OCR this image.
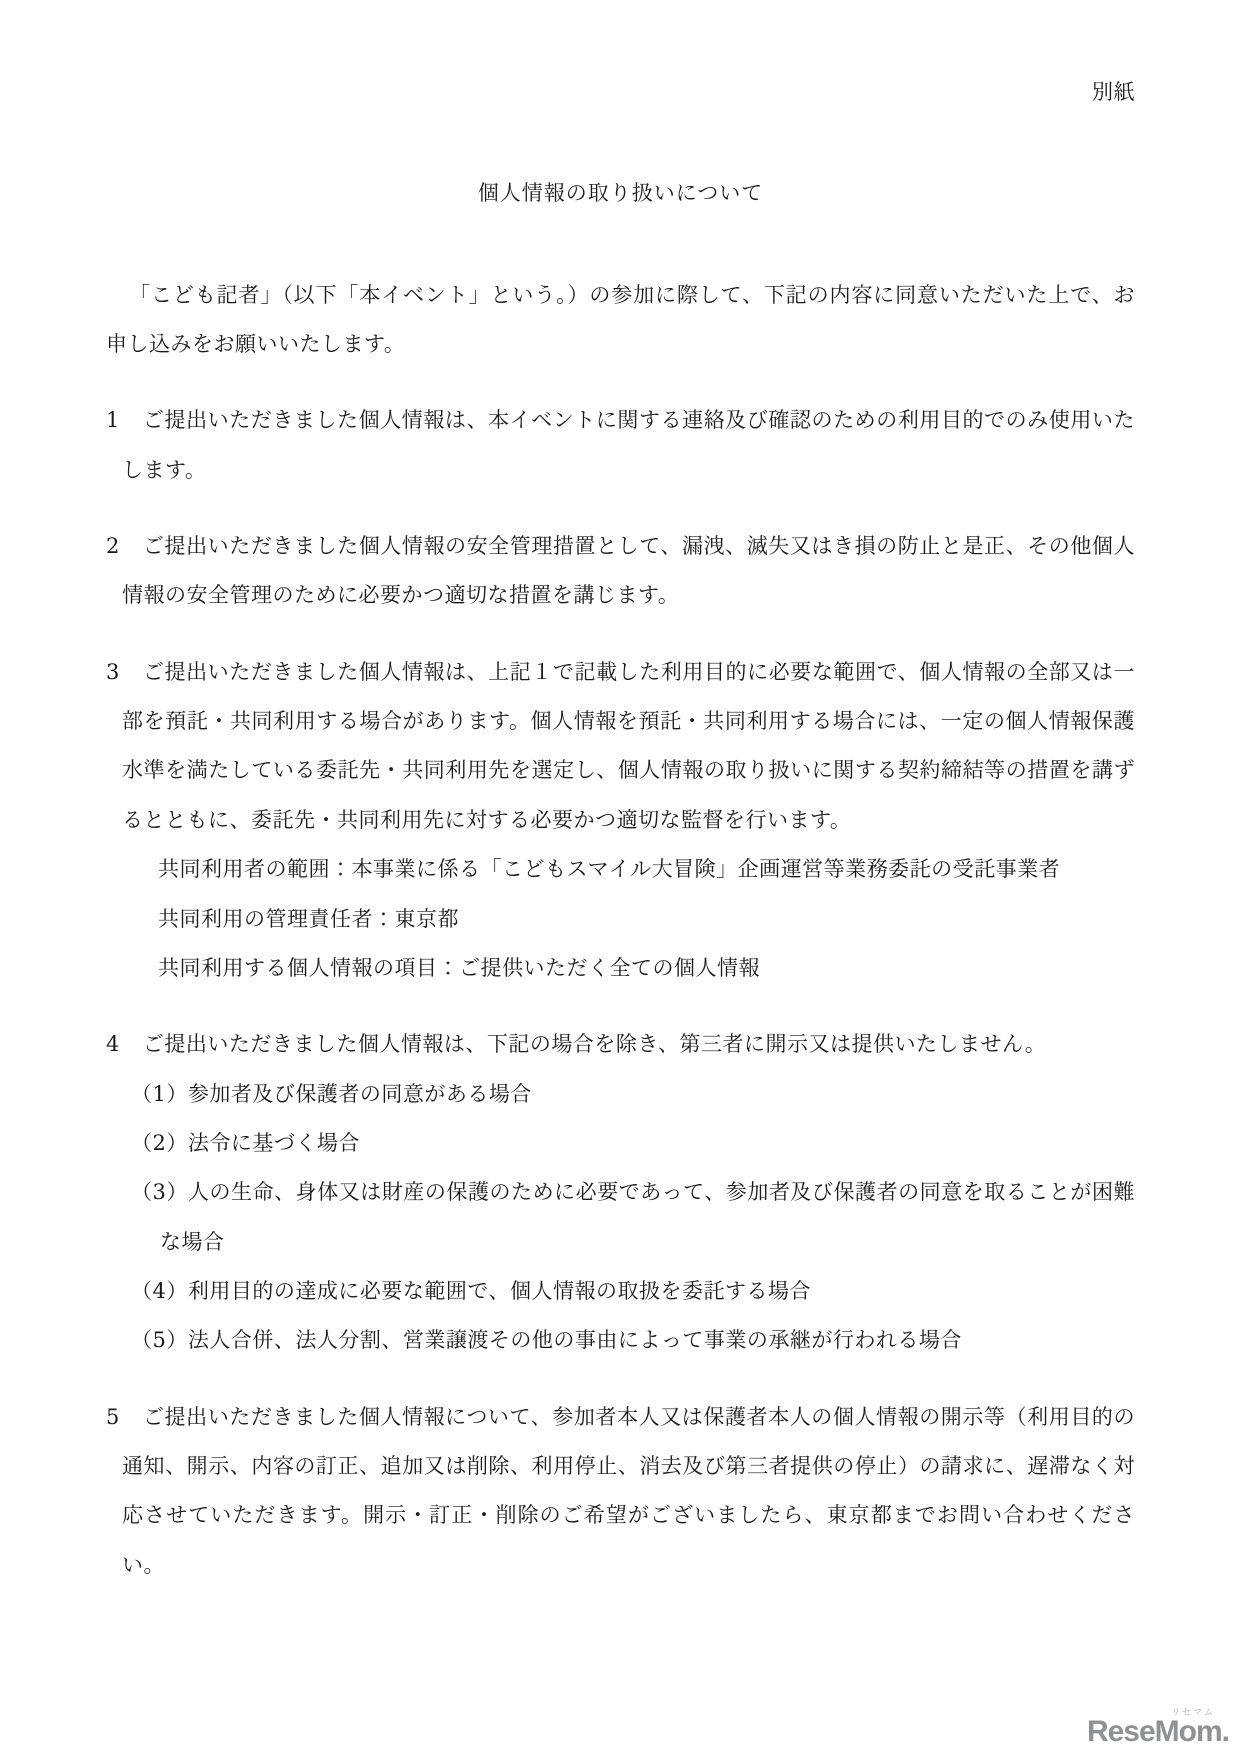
別紙
個人情報の取り扱いについて

「こども記者」（以下「本イベント」という。）の参加に際して、下記の内容に同意いただいた上で、お申し込みをお願いいたします。

1 ご提出いただきました個人情報は、本イベントに関する連絡及び確認のための利用目的でのみ使用いたします。

2 ご提出いただきました個人情報の安全管理措置として、漏洩、滅失又はき損の防止と是正、その他個人情報の安全管理のために必要かつ適切な措置を講じます。

3 ご提出いただきました個人情報は、上記１で記載した利用目的に必要な範囲で、個人情報の全部又は一部を預託・共同利用する場合があります。個人情報を預託・共同利用する場合には、一定の個人情報保護水準を満たしている委託先・共同利用先を選定し、個人情報の取り扱いに関する契約締結等の措置を講ずるとともに、委託先・共同利用先に対する必要かつ適切な監督を行います。

共同利用者の範囲：本事業に係る「こどもスマイル大冒険」企画運営等業務委託の受託事業者

共同利用の管理責任者：東京都

共同利用する個人情報の項目：ご提供いただく全ての個人情報

4 ご提出いただきました個人情報は、下記の場合を除き、第三者に開示又は提供いたしません。

（1）参加者及び保護者の同意がある場合

（2）法令に基づく場合

（3）人の生命、身体又は財産の保護のために必要であって、参加者及び保護者の同意を取ることが困難な場合

（4）利用目的の達成に必要な範囲で、個人情報の取扱を委託する場合

（5）法人合併、法人分割、営業譲渡その他の事由によって事業の承継が行われる場合

5 ご提出いただきました個人情報について、参加者本人又は保護者本人の個人情報の開示等（利用目的の通知、開示、内容の訂正、追加又は削除、利用停止、消去及び第三者提供の停止）の請求に、遅滞なく対応させていただきます。開示・訂正・削除のご希望がございましたら、東京都までお問い合わせください。

リセマム
ReseMom.
